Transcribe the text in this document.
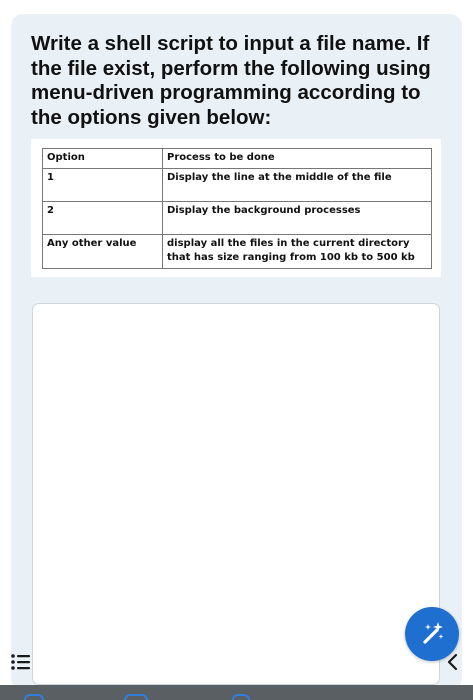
Write a shell script to input a file name. If the file exist, perform the following using menu-driven programming according to the options given below:

Option	Process to be done
1	Display the line at the middle of the file
2	Display the background processes
Any other value	display all the files in the current directory that has size ranging from 100 kb to 500 kb
